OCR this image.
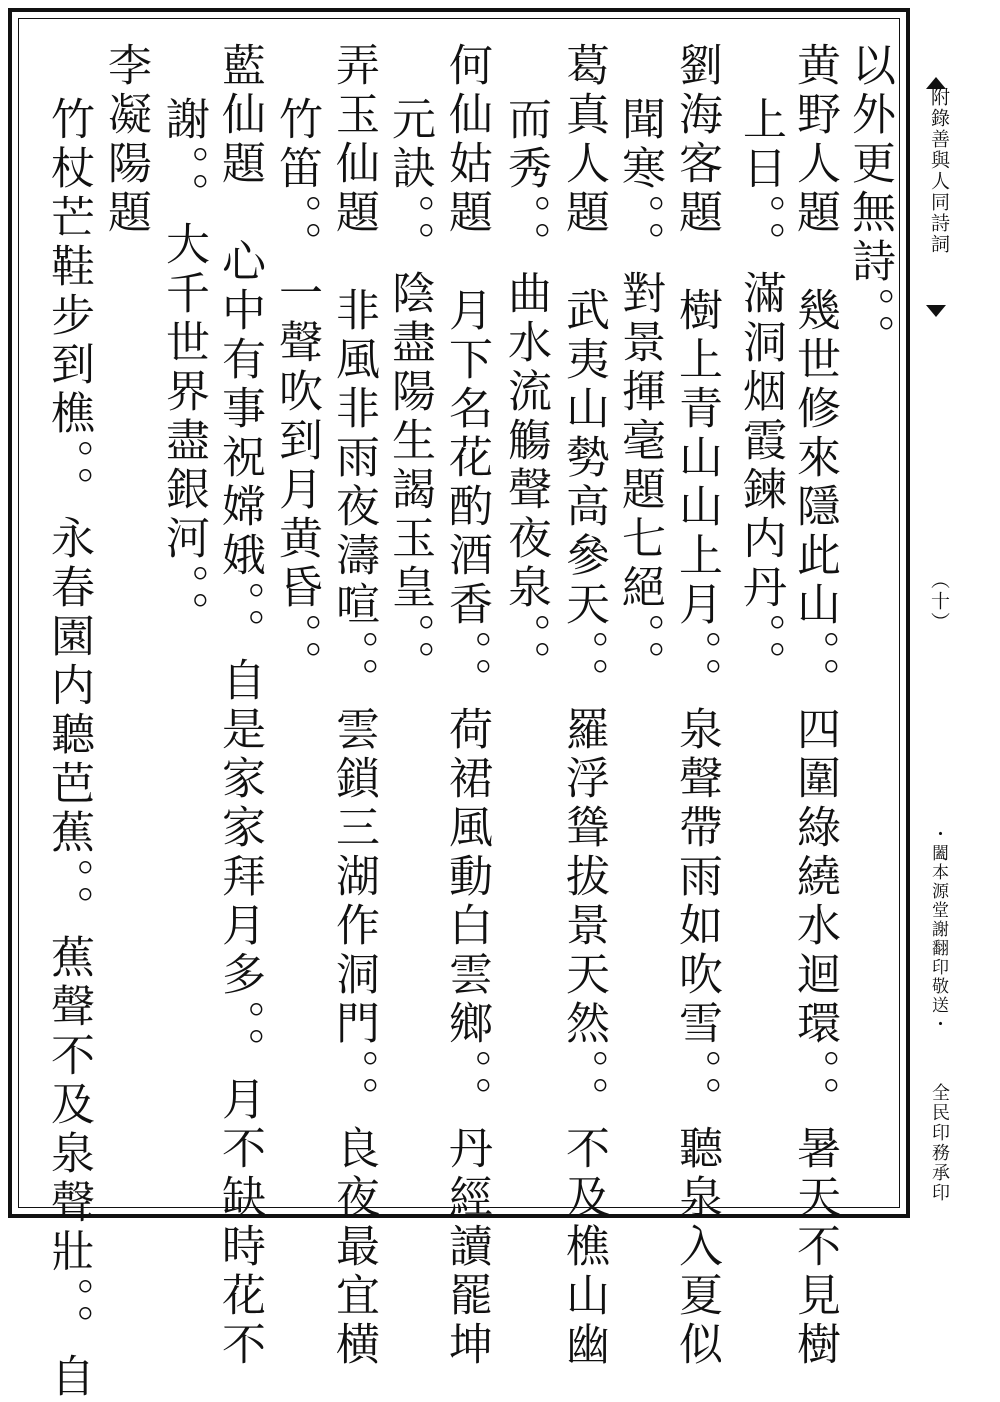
附錄善與人同詩詞
（十）
・闔本源堂謝翻印敬送・
全民印務承印
以外更無詩。。
黄野人題　幾世修來隱此山。。四圍綠繞水迴環。。暑天不見樹
上日。。滿洞烟霞鍊内丹。。
劉海客題　樹上青山山上月。。泉聲帶雨如吹雪。。聽泉入夏似
聞寒。。對景揮毫題七絕。。
葛真人題　武夷山勢高參天。。羅浮聳拔景天然。。不及樵山幽
而秀。。曲水流觴聲夜泉。。
何仙姑題　月下名花酌酒香。。荷裙風動白雲鄉。。丹經讀罷坤
元訣。。陰盡陽生謁玉皇。。
弄玉仙題　非風非雨夜濤喧。。雲鎖三湖作洞門。。良夜最宜横
竹笛。。一聲吹到月黄昏。。
藍仙題　心中有事祝嫦娥。。自是家家拜月多。。月不缺時花不
謝。。大千世界盡銀河。。
李凝陽題
竹杖芒鞋步到樵。。永春園内聽芭蕉。。蕉聲不及泉聲壯。。自
